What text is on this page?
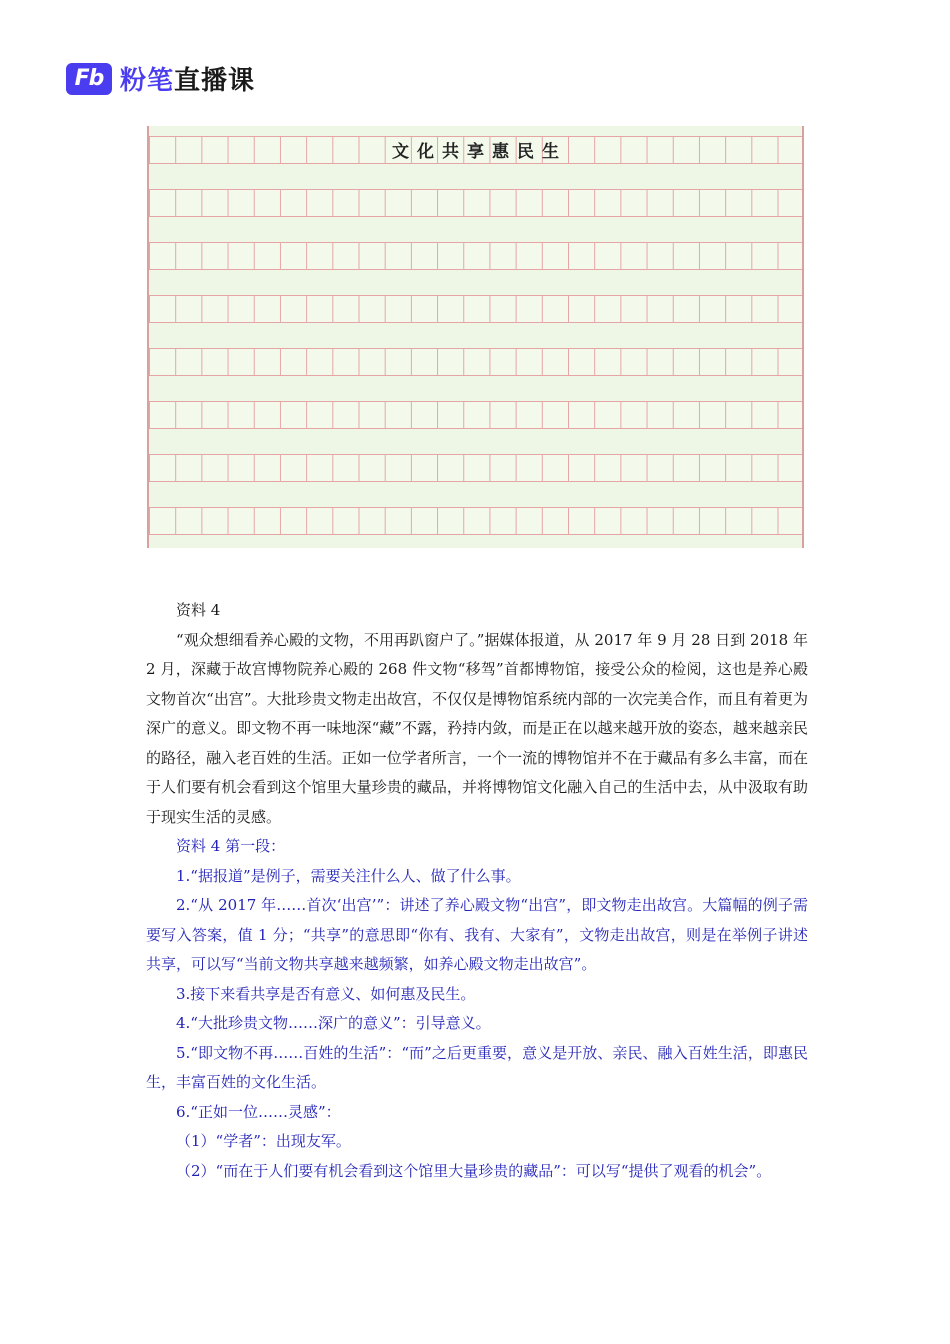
Fb 粉笔 直播课
文化共享惠民生

资料 4

“观众想细看养心殿的文物，不用再趴窗户了。”据媒体报道，从 2017 年 9 月 28 日到 2018 年 2 月，深藏于故宫博物院养心殿的 268 件文物“移驾”首都博物馆，接受公众的检阅，这也是养心殿文物首次“出宫”。大批珍贵文物走出故宫，不仅仅是博物馆系统内部的一次完美合作，而且有着更为深广的意义。即文物不再一味地深“藏”不露，矜持内敛，而是正在以越来越开放的姿态，越来越亲民的路径，融入老百姓的生活。正如一位学者所言，一个一流的博物馆并不在于藏品有多么丰富，而在于人们要有机会看到这个馆里大量珍贵的藏品，并将博物馆文化融入自己的生活中去，从中汲取有助于现实生活的灵感。

资料 4 第一段：

1.“据报道”是例子，需要关注什么人、做了什么事。

2.“从 2017 年……首次‘出宫’”：讲述了养心殿文物“出宫”，即文物走出故宫。大篇幅的例子需要写入答案，值 1 分；“共享”的意思即“你有、我有、大家有”，文物走出故宫，则是在举例子讲述共享，可以写“当前文物共享越来越频繁，如养心殿文物走出故宫”。

3.接下来看共享是否有意义、如何惠及民生。

4.“大批珍贵文物……深广的意义”：引导意义。

5.“即文物不再……百姓的生活”：“而”之后更重要，意义是开放、亲民、融入百姓生活，即惠民生，丰富百姓的文化生活。

6.“正如一位……灵感”：

（1）“学者”：出现友军。

（2）“而在于人们要有机会看到这个馆里大量珍贵的藏品”：可以写“提供了观看的机会”。
